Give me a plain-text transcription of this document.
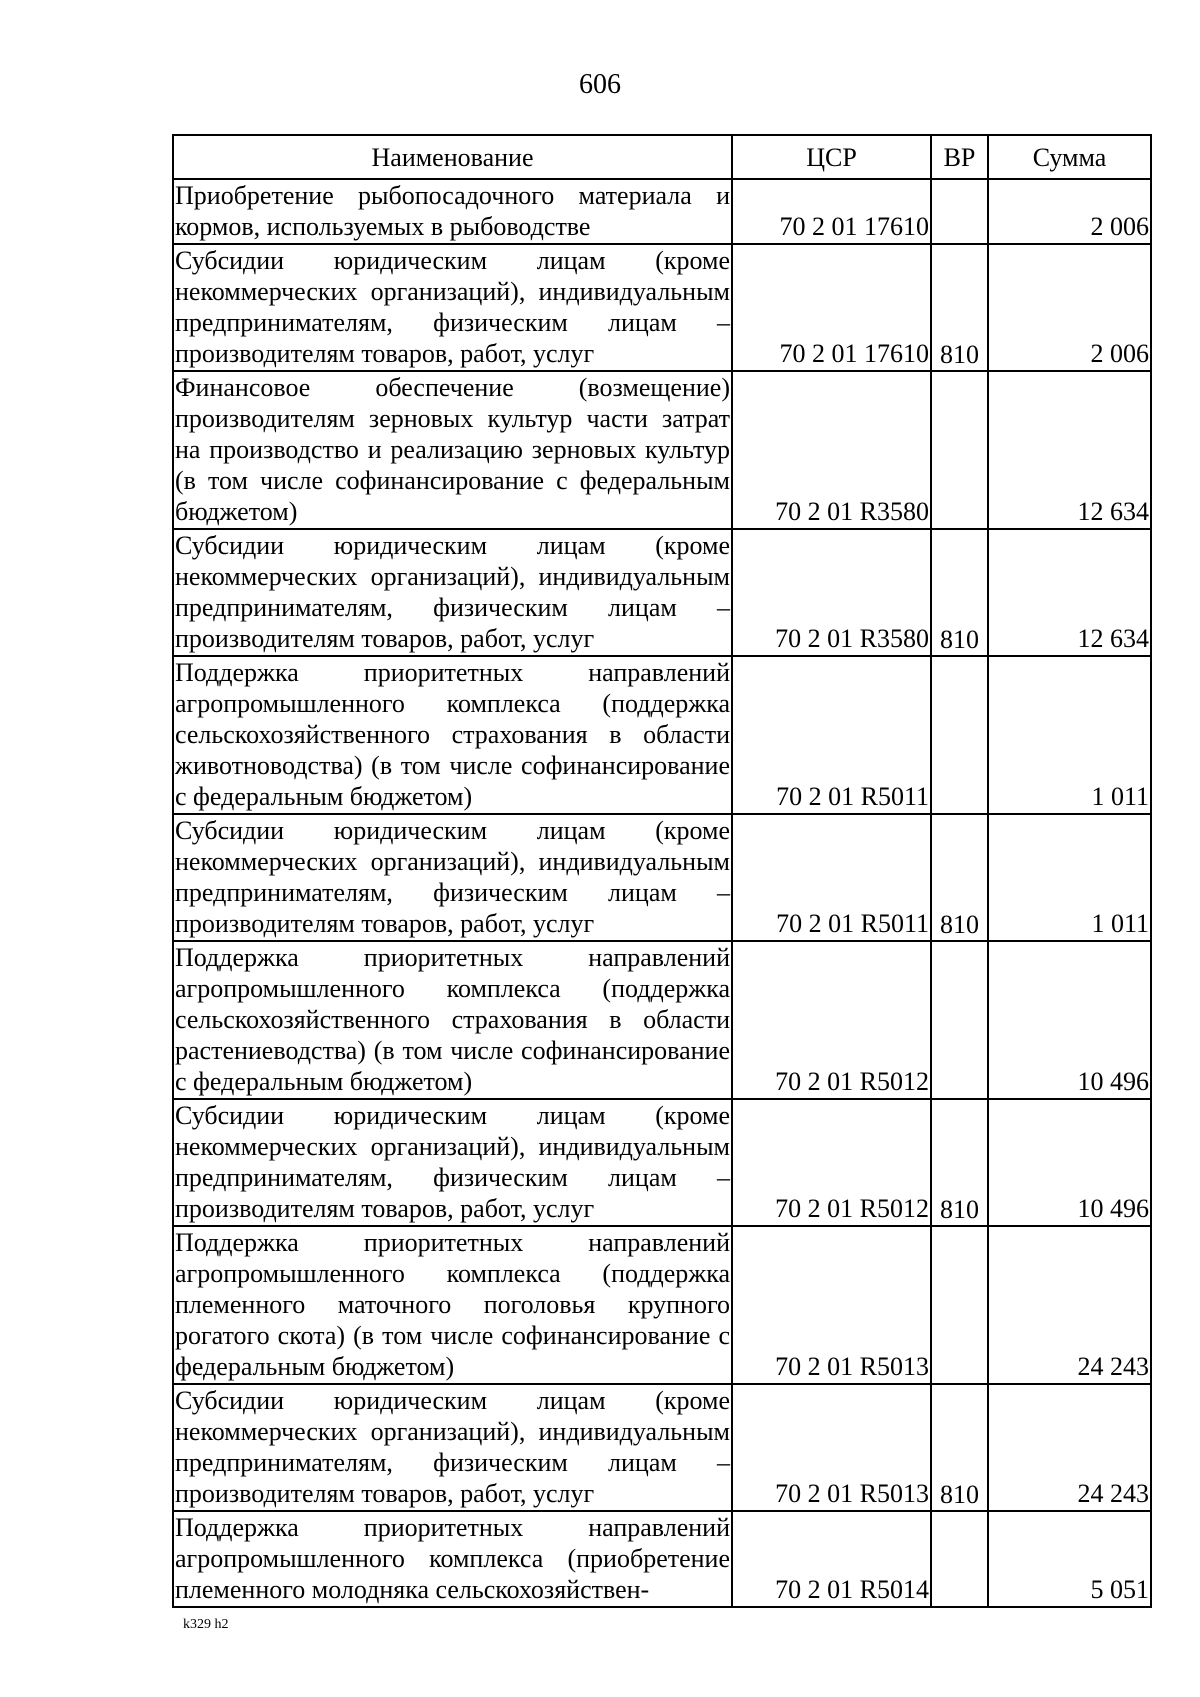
606
Наименование	ЦСР	ВР	Сумма
Приобретение рыбопосадочного материала и кормов, используемых в рыбоводстве	70 2 01 17610		2 006
Субсидии юридическим лицам (кроме некоммерческих организаций), индивидуальным предпринимателям, физическим лицам – производителям товаров, работ, услуг	70 2 01 17610	810	2 006
Финансовое обеспечение (возмещение) производителям зерновых культур части затрат на производство и реализацию зерновых культур (в том числе софинансирование с федеральным бюджетом)	70 2 01 R3580		12 634
Субсидии юридическим лицам (кроме некоммерческих организаций), индивидуальным предпринимателям, физическим лицам – производителям товаров, работ, услуг	70 2 01 R3580	810	12 634
Поддержка приоритетных направлений агропромышленного комплекса (поддержка сельскохозяйственного страхования в области животноводства) (в том числе софинансирование с федеральным бюджетом)	70 2 01 R5011		1 011
Субсидии юридическим лицам (кроме некоммерческих организаций), индивидуальным предпринимателям, физическим лицам – производителям товаров, работ, услуг	70 2 01 R5011	810	1 011
Поддержка приоритетных направлений агропромышленного комплекса (поддержка сельскохозяйственного страхования в области растениеводства) (в том числе софинансирование с федеральным бюджетом)	70 2 01 R5012		10 496
Субсидии юридическим лицам (кроме некоммерческих организаций), индивидуальным предпринимателям, физическим лицам – производителям товаров, работ, услуг	70 2 01 R5012	810	10 496
Поддержка приоритетных направлений агропромышленного комплекса (поддержка племенного маточного поголовья крупного рогатого скота) (в том числе софинансирование с федеральным бюджетом)	70 2 01 R5013		24 243
Субсидии юридическим лицам (кроме некоммерческих организаций), индивидуальным предпринимателям, физическим лицам – производителям товаров, работ, услуг	70 2 01 R5013	810	24 243
Поддержка приоритетных направлений агропромышленного комплекса (приобретение племенного молодняка сельскохозяйствен-	70 2 01 R5014		5 051
k329 h2
